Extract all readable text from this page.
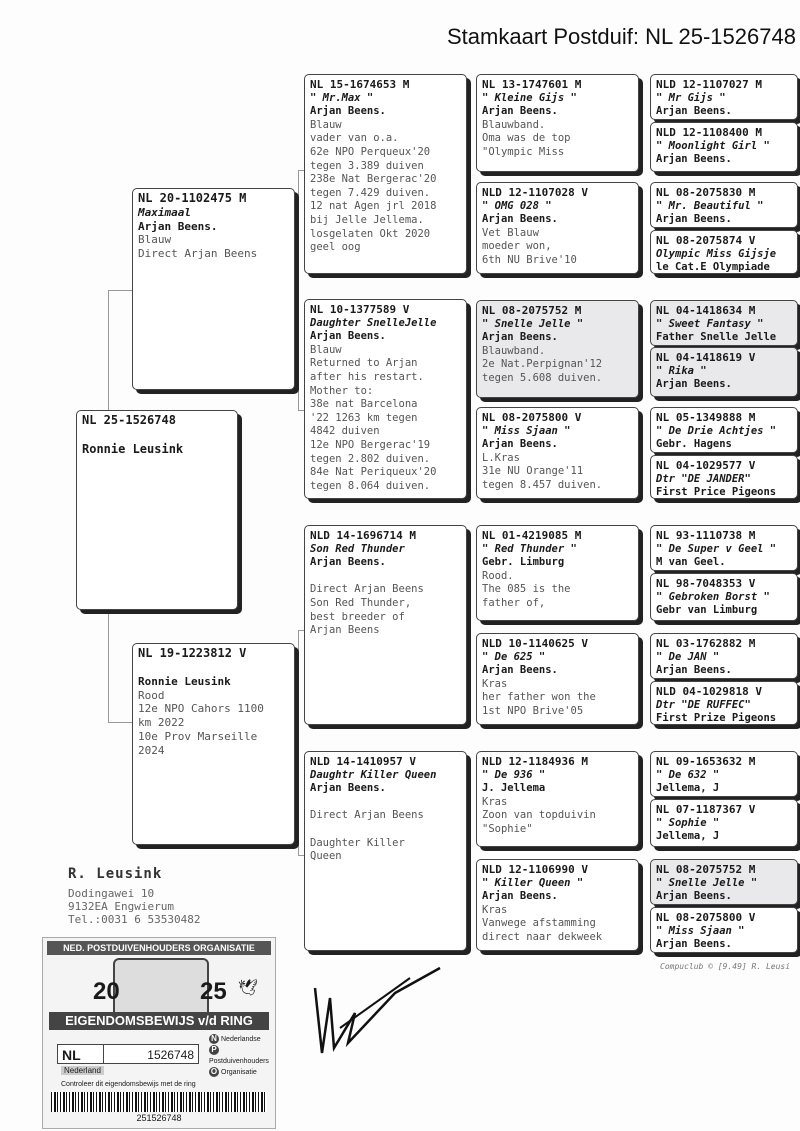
Stamkaart Postduif: NL 25-1526748
NL 25-1526748
Ronnie Leusink
NL 20-1102475 M
Maximaal
Arjan Beens.
Blauw
Direct Arjan Beens
NL 19-1223812 V
Ronnie Leusink
Rood
12e NPO Cahors 1100
km 2022
10e Prov Marseille
2024
NL 15-1674653 M
" Mr.Max "
Arjan Beens.
Blauw
vader van o.a.
62e NPO Perqueux'20
tegen 3.389 duiven
238e Nat Bergerac'20
tegen 7.429 duiven.
12 nat Agen jrl 2018
bij Jelle Jellema.
losgelaten Okt 2020
geel oog
NL 10-1377589 V
Daughter SnelleJelle
Arjan Beens.
Blauw
Returned to Arjan
after his restart.
Mother to:
38e nat Barcelona
'22 1263 km tegen
4842 duiven
12e NPO Bergerac'19
tegen 2.802 duiven.
84e Nat Periqueux'20
tegen 8.064 duiven.
NLD 14-1696714 M
Son Red Thunder
Arjan Beens.
Direct Arjan Beens
Son Red Thunder,
best breeder of
Arjan Beens
NLD 14-1410957 V
Daughtr Killer Queen
Arjan Beens.
Direct Arjan Beens
Daughter Killer
Queen
NL 13-1747601 M
" Kleine Gijs "
Arjan Beens.
Blauwband.
Oma was de top
"Olympic Miss
NLD 12-1107028 V
" OMG 028 "
Arjan Beens.
Vet Blauw
moeder won,
6th NU Brive'10
NL 08-2075752 M
" Snelle Jelle "
Arjan Beens.
Blauwband.
2e Nat.Perpignan'12
tegen 5.608 duiven.
NL 08-2075800 V
" Miss Sjaan "
Arjan Beens.
L.Kras
31e NU Orange'11
tegen 8.457 duiven.
NL 01-4219085 M
" Red Thunder "
Gebr. Limburg
Rood.
The 085 is the
father of,
NLD 10-1140625 V
" De 625 "
Arjan Beens.
Kras
her father won the
1st NPO Brive'05
NLD 12-1184936 M
" De 936 "
J. Jellema
Kras
Zoon van topduivin
"Sophie"
NLD 12-1106990 V
" Killer Queen "
Arjan Beens.
Kras
Vanwege afstamming
direct naar dekweek
NLD 12-1107027 M
" Mr Gijs "
Arjan Beens.
NLD 12-1108400 M
" Moonlight Girl "
Arjan Beens.
NL 08-2075830 M
" Mr. Beautiful "
Arjan Beens.
NL 08-2075874 V
Olympic Miss Gijsje
le Cat.E Olympiade
NL 04-1418634 M
" Sweet Fantasy "
Father Snelle Jelle
NL 04-1418619 V
" Rika "
Arjan Beens.
NL 05-1349888 M
" De Drie Achtjes "
Gebr. Hagens
NL 04-1029577 V
Dtr "DE JANDER"
First Price Pigeons
NL 93-1110738 M
" De Super v Geel "
M van Geel.
NL 98-7048353 V
" Gebroken Borst "
Gebr van Limburg
NL 03-1762882 M
" De JAN "
Arjan Beens.
NLD 04-1029818 V
Dtr "DE RUFFEC"
First Prize Pigeons
NL 09-1653632 M
" De 632 "
Jellema, J
NL 07-1187367 V
" Sophie "
Jellema, J
NL 08-2075752 M
" Snelle Jelle "
Arjan Beens.
NL 08-2075800 V
" Miss Sjaan "
Arjan Beens.
Compuclub © [9.49] R. Leusi
R. Leusink
Dodingawei 10
9132EA Engwierum
Tel.:0031 6 53530482
NED. POSTDUIVENHOUDERS ORGANISATIE
20	25 🕊
EIGENDOMSBEWIJS v/d RING
NL	1526748
N Nederlandse
PPostduivenhouders
O Organisatie
Nederland
Controleer dit eigendomsbewijs met de ring
251526748
